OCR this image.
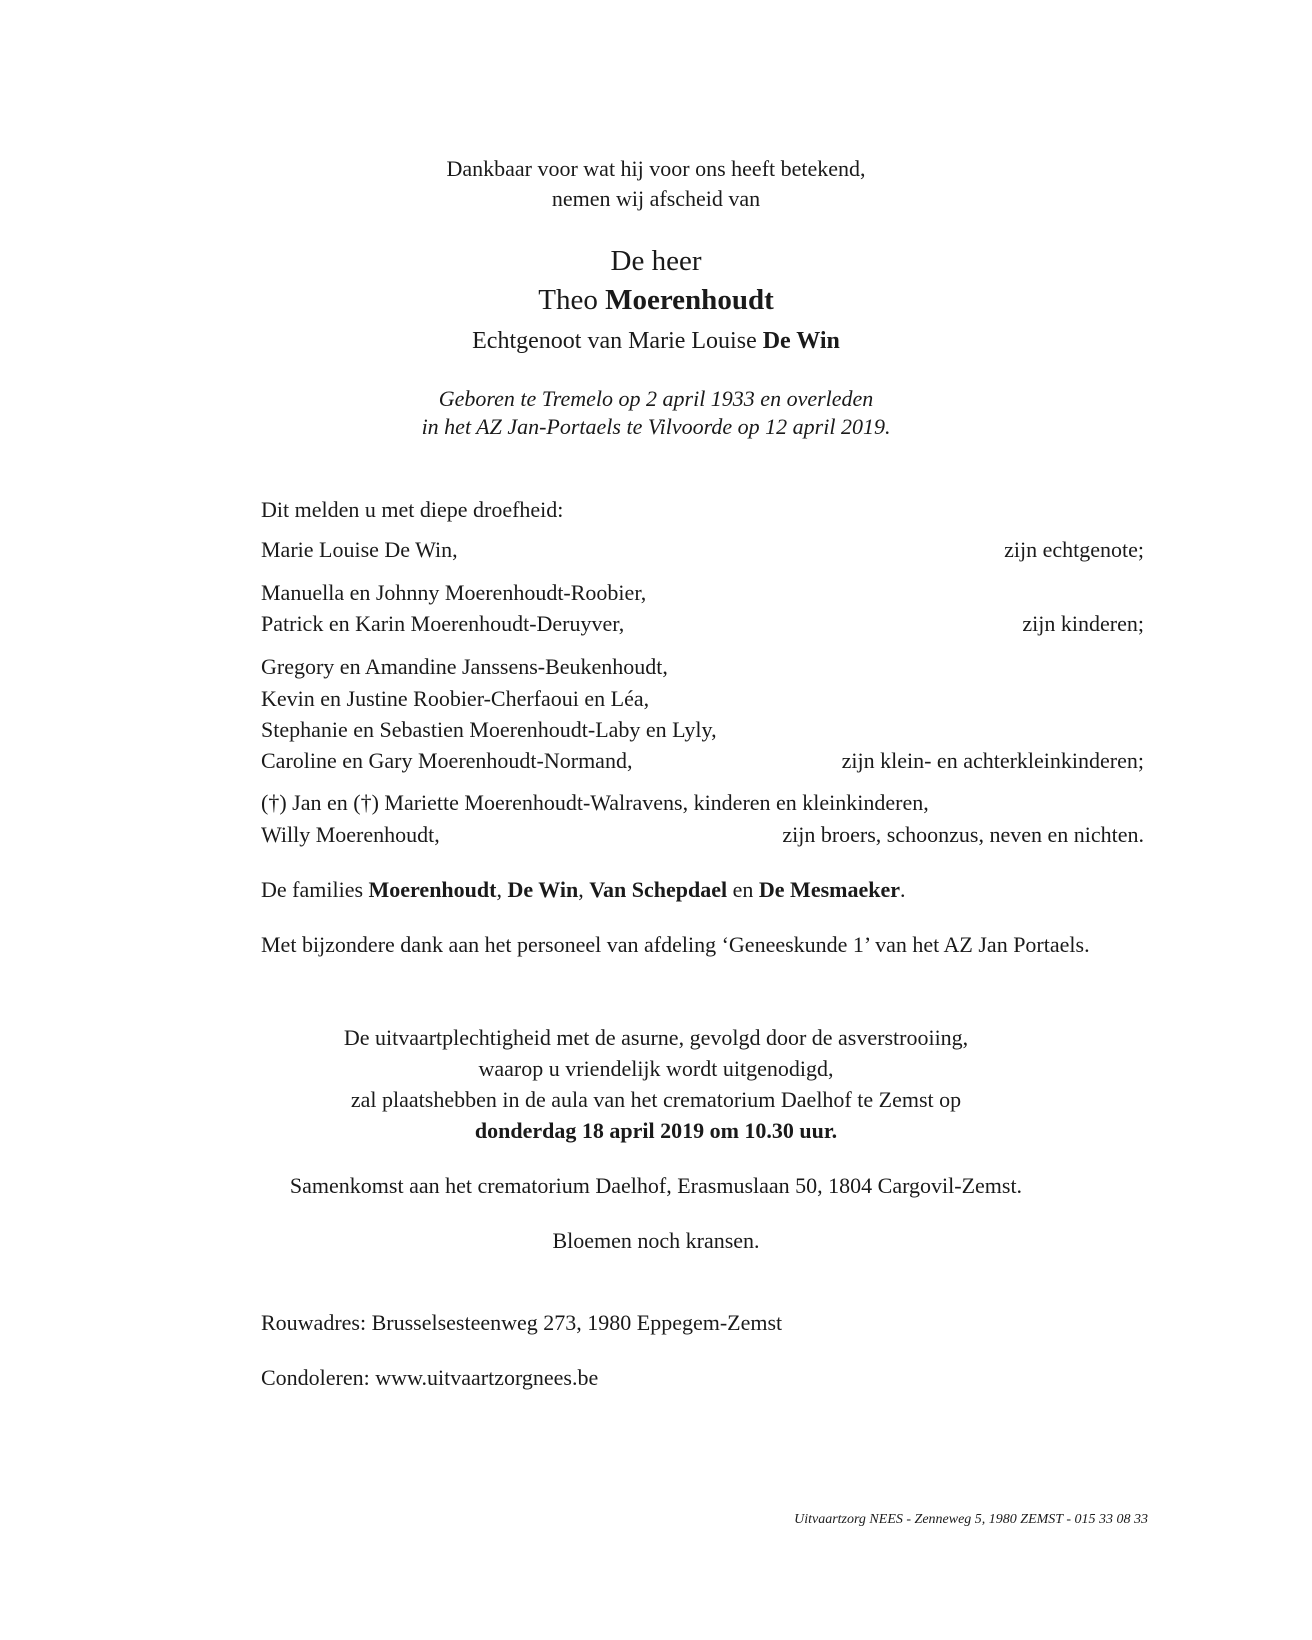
Dankbaar voor wat hij voor ons heeft betekend,
nemen wij afscheid van
De heer
Theo Moerenhoudt
Echtgenoot van Marie Louise De Win
Geboren te Tremelo op 2 april 1933 en overleden
in het AZ Jan-Portaels te Vilvoorde op 12 april 2019.
Dit melden u met diepe droefheid:
Marie Louise De Win,	zijn echtgenote;
Manuella en Johnny Moerenhoudt-Roobier,
Patrick en Karin Moerenhoudt-Deruyver,	zijn kinderen;
Gregory en Amandine Janssens-Beukenhoudt,
Kevin en Justine Roobier-Cherfaoui en Léa,
Stephanie en Sebastien Moerenhoudt-Laby en Lyly,
Caroline en Gary Moerenhoudt-Normand,	zijn klein- en achterkleinkinderen;
(†) Jan en (†) Mariette Moerenhoudt-Walravens, kinderen en kleinkinderen,
Willy Moerenhoudt,	zijn broers, schoonzus, neven en nichten.
De families Moerenhoudt, De Win, Van Schepdael en De Mesmaeker.
Met bijzondere dank aan het personeel van afdeling ‘Geneeskunde 1’ van het AZ Jan Portaels.
De uitvaartplechtigheid met de asurne, gevolgd door de asverstrooiing,
waarop u vriendelijk wordt uitgenodigd,
zal plaatshebben in de aula van het crematorium Daelhof te Zemst op
donderdag 18 april 2019 om 10.30 uur.
Samenkomst aan het crematorium Daelhof, Erasmuslaan 50, 1804 Cargovil-Zemst.
Bloemen noch kransen.
Rouwadres: Brusselsesteenweg 273, 1980 Eppegem-Zemst
Condoleren: www.uitvaartzorgnees.be
Uitvaartzorg NEES - Zenneweg 5, 1980 ZEMST - 015 33 08 33
